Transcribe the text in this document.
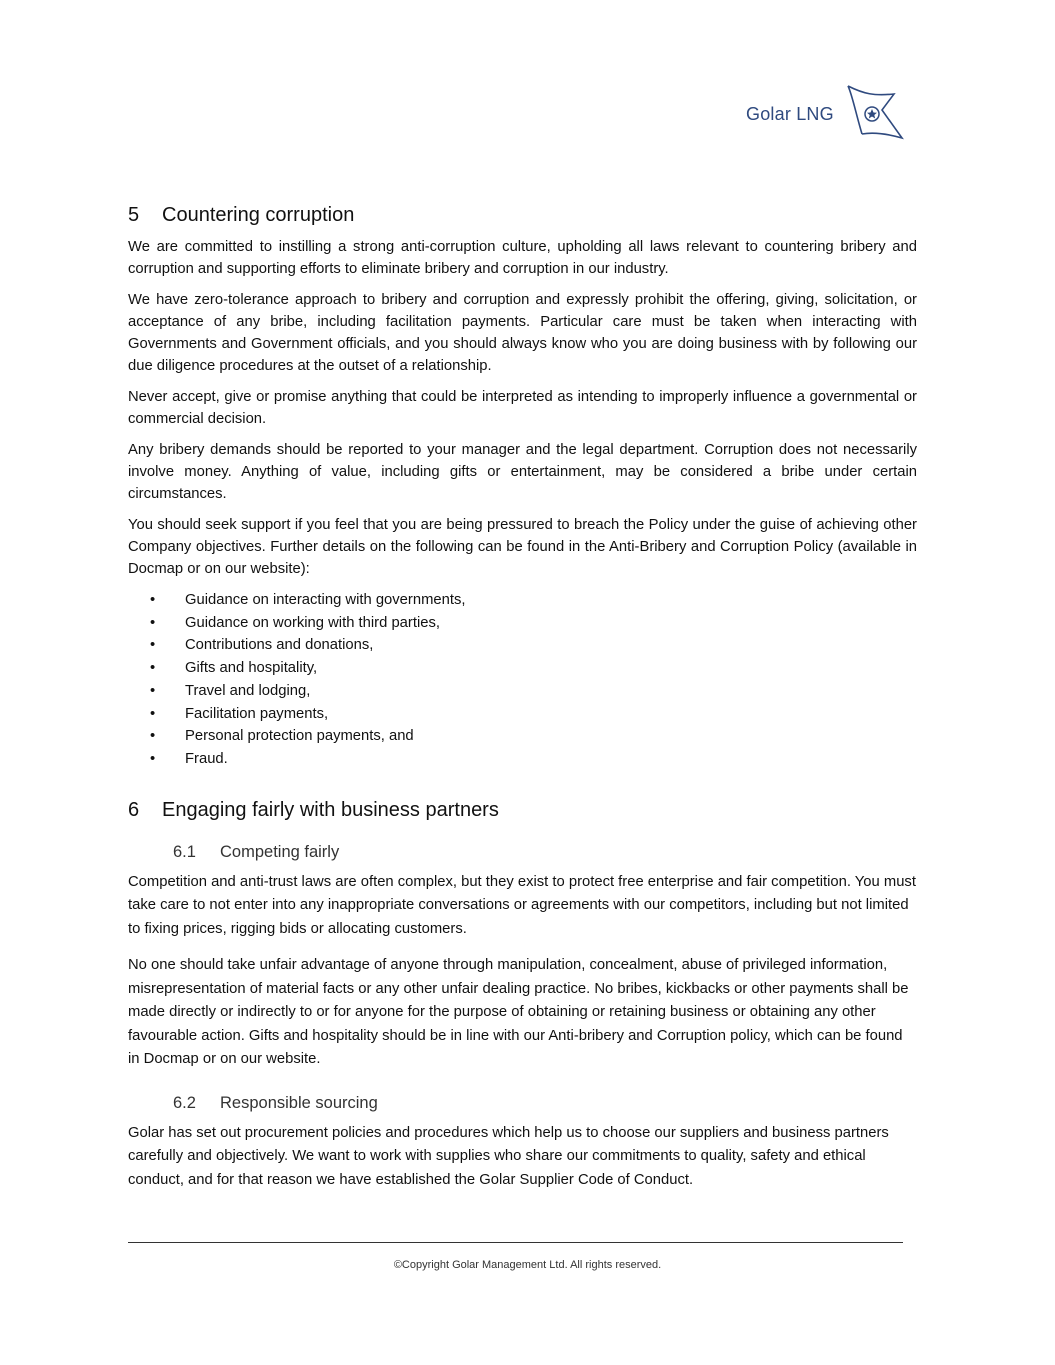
Golar LNG
5 Countering corruption

We are committed to instilling a strong anti-corruption culture, upholding all laws relevant to countering bribery and corruption and supporting efforts to eliminate bribery and corruption in our industry.

We have zero-tolerance approach to bribery and corruption and expressly prohibit the offering, giving, solicitation, or acceptance of any bribe, including facilitation payments. Particular care must be taken when interacting with Governments and Government officials, and you should always know who you are doing business with by following our due diligence procedures at the outset of a relationship.

Never accept, give or promise anything that could be interpreted as intending to improperly influence a governmental or commercial decision.

Any bribery demands should be reported to your manager and the legal department. Corruption does not necessarily involve money. Anything of value, including gifts or entertainment, may be considered a bribe under certain circumstances.

You should seek support if you feel that you are being pressured to breach the Policy under the guise of achieving other Company objectives. Further details on the following can be found in the Anti-Bribery and Corruption Policy (available in Docmap or on our website):

• Guidance on interacting with governments,
• Guidance on working with third parties,
• Contributions and donations,
• Gifts and hospitality,
• Travel and lodging,
• Facilitation payments,
• Personal protection payments, and
• Fraud.
6 Engaging fairly with business partners
6.1 Competing fairly

Competition and anti-trust laws are often complex, but they exist to protect free enterprise and fair competition. You must take care to not enter into any inappropriate conversations or agreements with our competitors, including but not limited to fixing prices, rigging bids or allocating customers.

No one should take unfair advantage of anyone through manipulation, concealment, abuse of privileged information, misrepresentation of material facts or any other unfair dealing practice. No bribes, kickbacks or other payments shall be made directly or indirectly to or for anyone for the purpose of obtaining or retaining business or obtaining any other favourable action. Gifts and hospitality should be in line with our Anti-bribery and Corruption policy, which can be found in Docmap or on our website.

6.2 Responsible sourcing

Golar has set out procurement policies and procedures which help us to choose our suppliers and business partners carefully and objectively. We want to work with supplies who share our commitments to quality, safety and ethical conduct, and for that reason we have established the Golar Supplier Code of Conduct.

©Copyright Golar Management Ltd. All rights reserved.
